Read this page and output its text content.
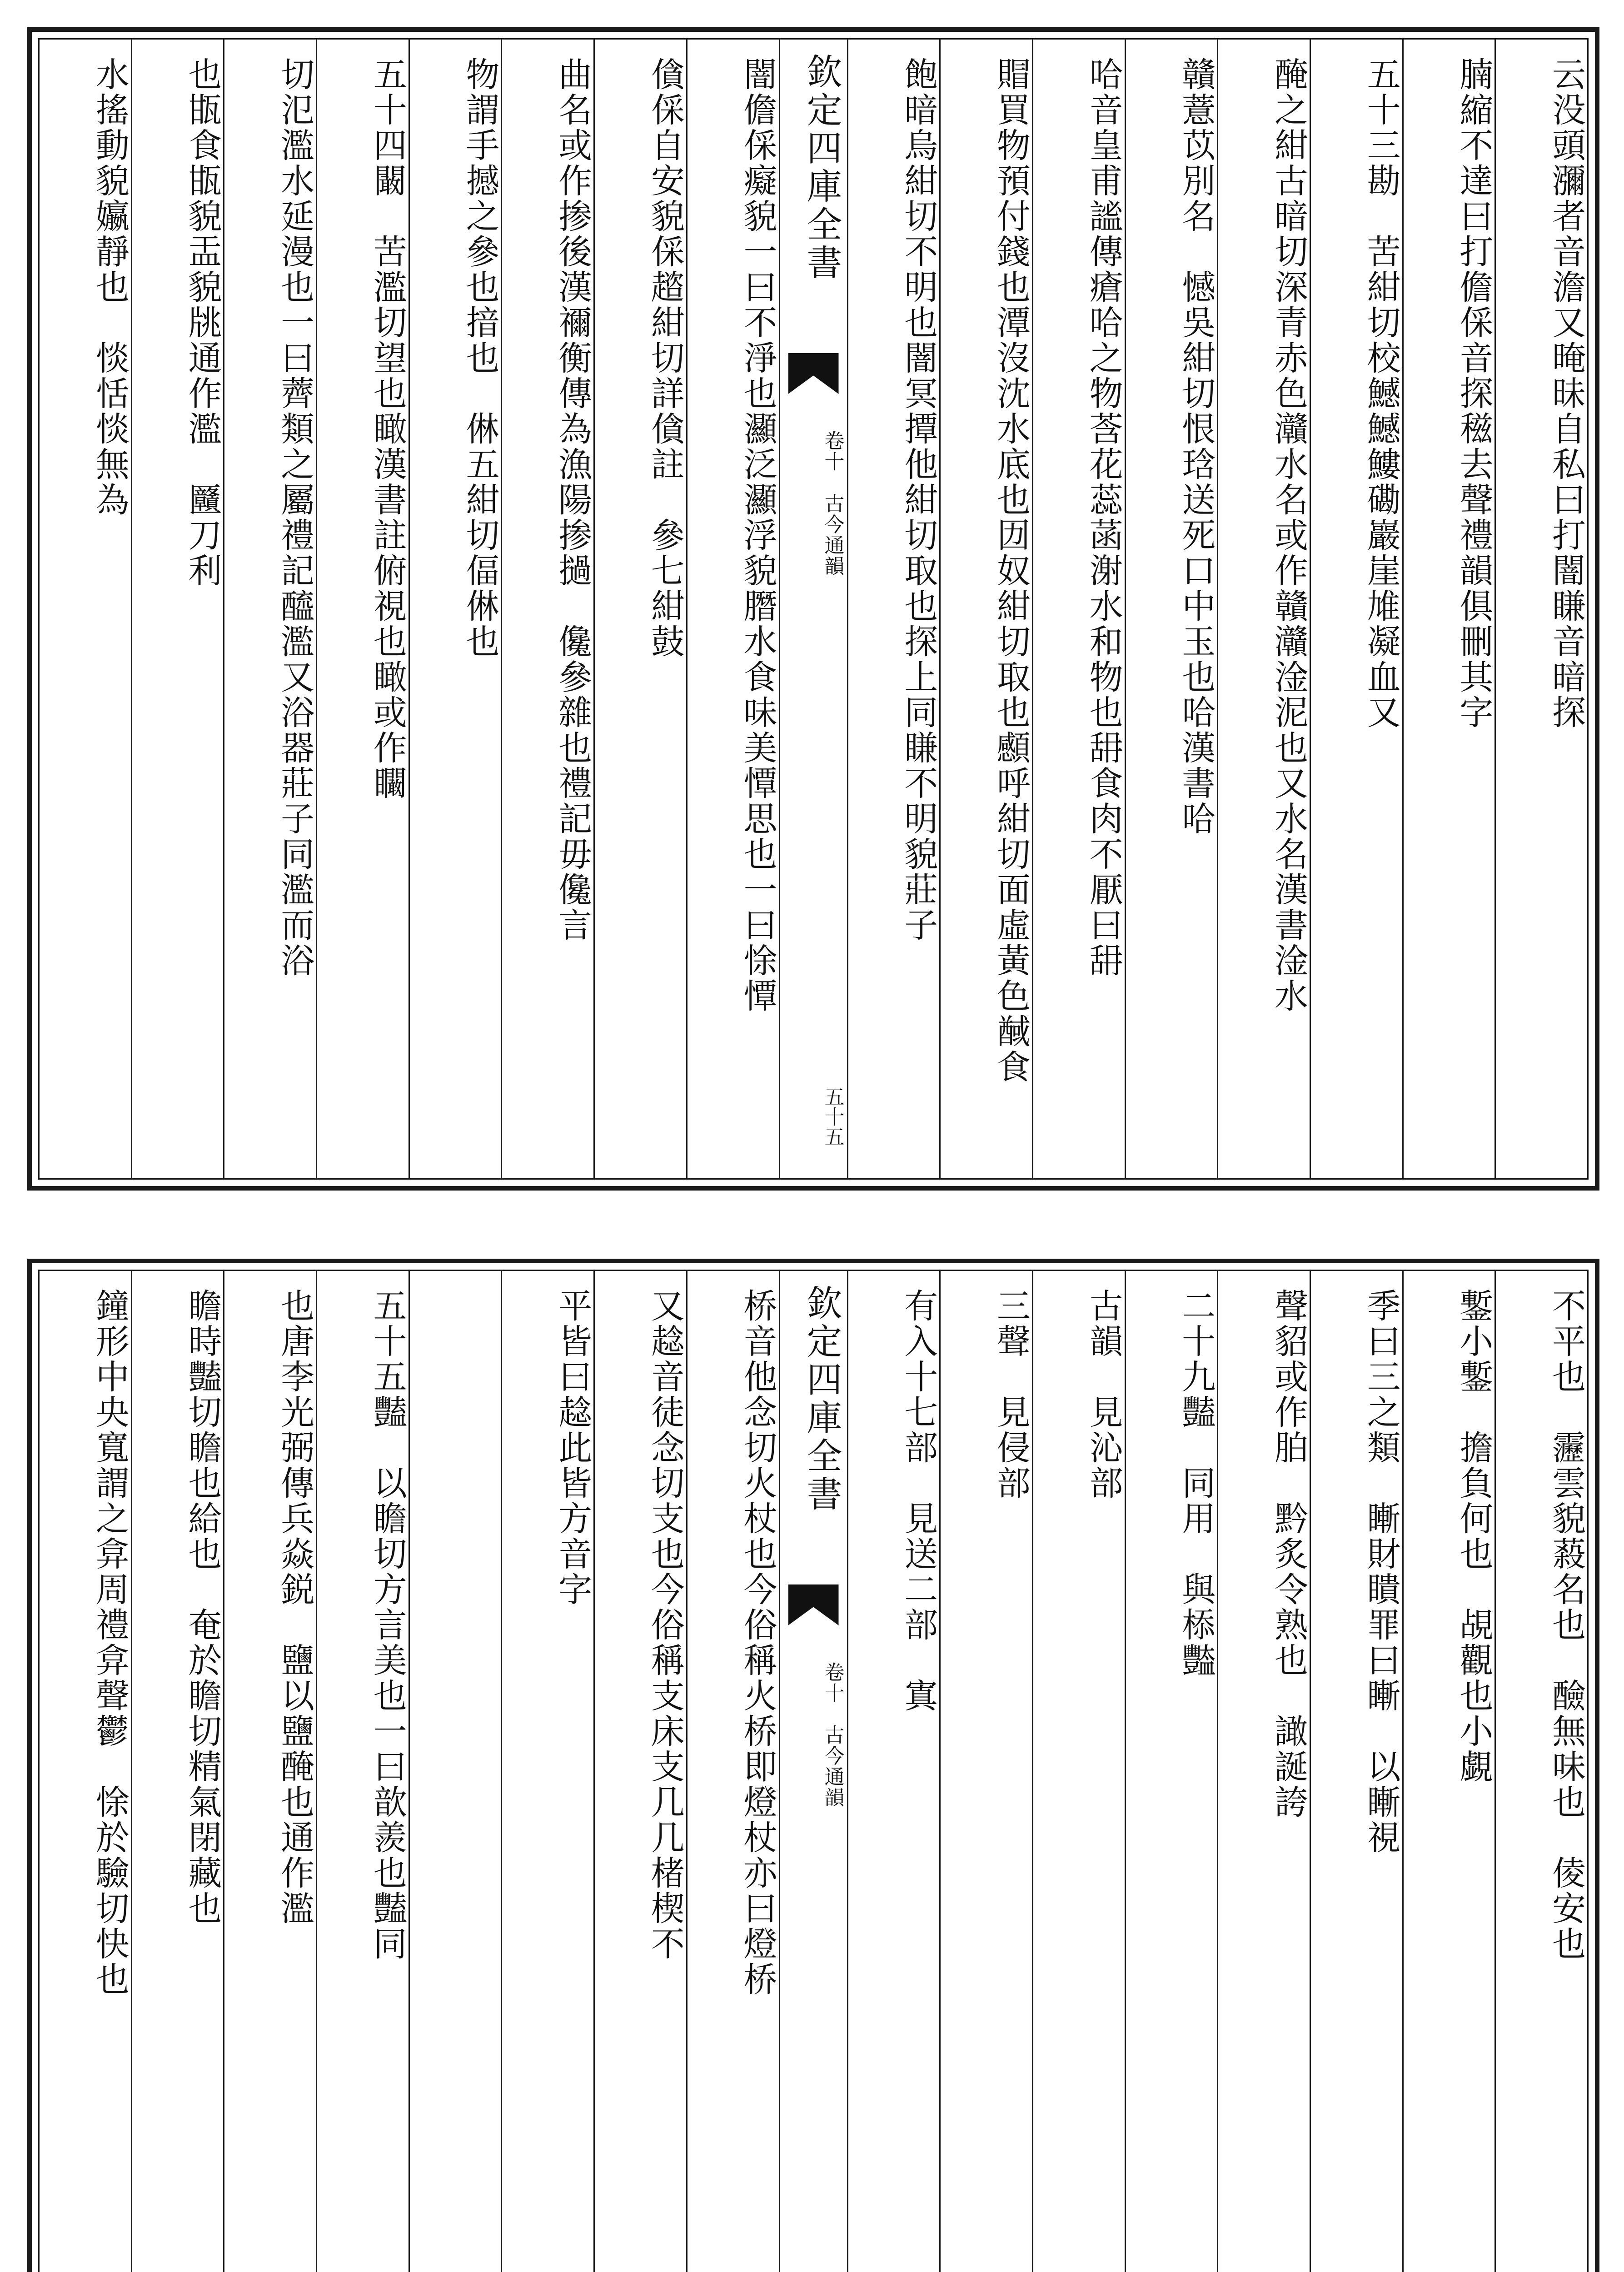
云没頭瀰者音澹又晻昧自私曰打闇䁠音暗探
腩縮不達曰打儋倸音探稵去聲禮韻俱刪其字
五十三勘　苦紺切校鱤鱤䱾磡巖崖䧱凝血又
醃之紺古暗切深青赤色灨水名或作贛灨淦泥也又水名漢書淦水
贛薏苡別名　憾吳紺切恨琀送死口中玉也哈漢書哈
哈音皇甫謐傳瘡哈之物莟花蕊菡㴬水和物也䑙食肉不厭曰䑙
賵買物預付錢也潭沒沈水底也㘞奴紺切取也䫲呼紺切面虛黃色䤋食
飽暗烏紺切不明也闇冥撢他紺切取也探上同䁠不明貌莊子
欽定四庫全書
卷十　古今通韻
五十五
闇儋倸癡貌一曰不淨也灦泛灦浮貌䐶水食味美憛思也一曰悇憛
僋倸自安貌倸趦紺切詳僋註　參七紺鼓
曲名或作掺後漢禰衡傳為漁陽掺撾　儳參雜也禮記毋儳言
物謂手撼之參也揞也　㑣五紺切偪㑣也
五十四闞　苦濫切望也瞰漢書註俯視也瞰或作矙
切氾濫水延漫也一曰薺類之屬禮記醯濫又浴器莊子同濫而浴
也㽍食㽍貌㿻貌㸠通作濫　㔶刀利
水搖動貌㜲靜也　惔恬惔無為
不平也　靋雲貌蔱名也　醶無味也　倰安也
鏨小鏨　擔負何也　覘觀也小覷
季曰三之類　䁪財瞶罪曰䁪　以䁪視
聲貂或作胉　黔炙令熟也　譀誕誇
二十九豔　同用　與㮇豓
古韻　見沁部
三聲　見侵部
有入十七部　見送二部　寘
欽定四庫全書
卷十　古今通韻
桥音他念切火杖也今俗稱火桥即燈杖亦曰燈桥
又趝音徒念切支也今俗稱支床支几几楮楔不
平皆曰趝此皆方音字
五十五豔　以瞻切方言美也一曰歆羨也豔同
也唐李光弼傳兵焱鋭　鹽以鹽醃也通作濫
瞻時豔切瞻也給也　奄於瞻切精氣閉藏也
鐘形中央寬謂之弇周禮弇聲鬱　悇於驗切快也
